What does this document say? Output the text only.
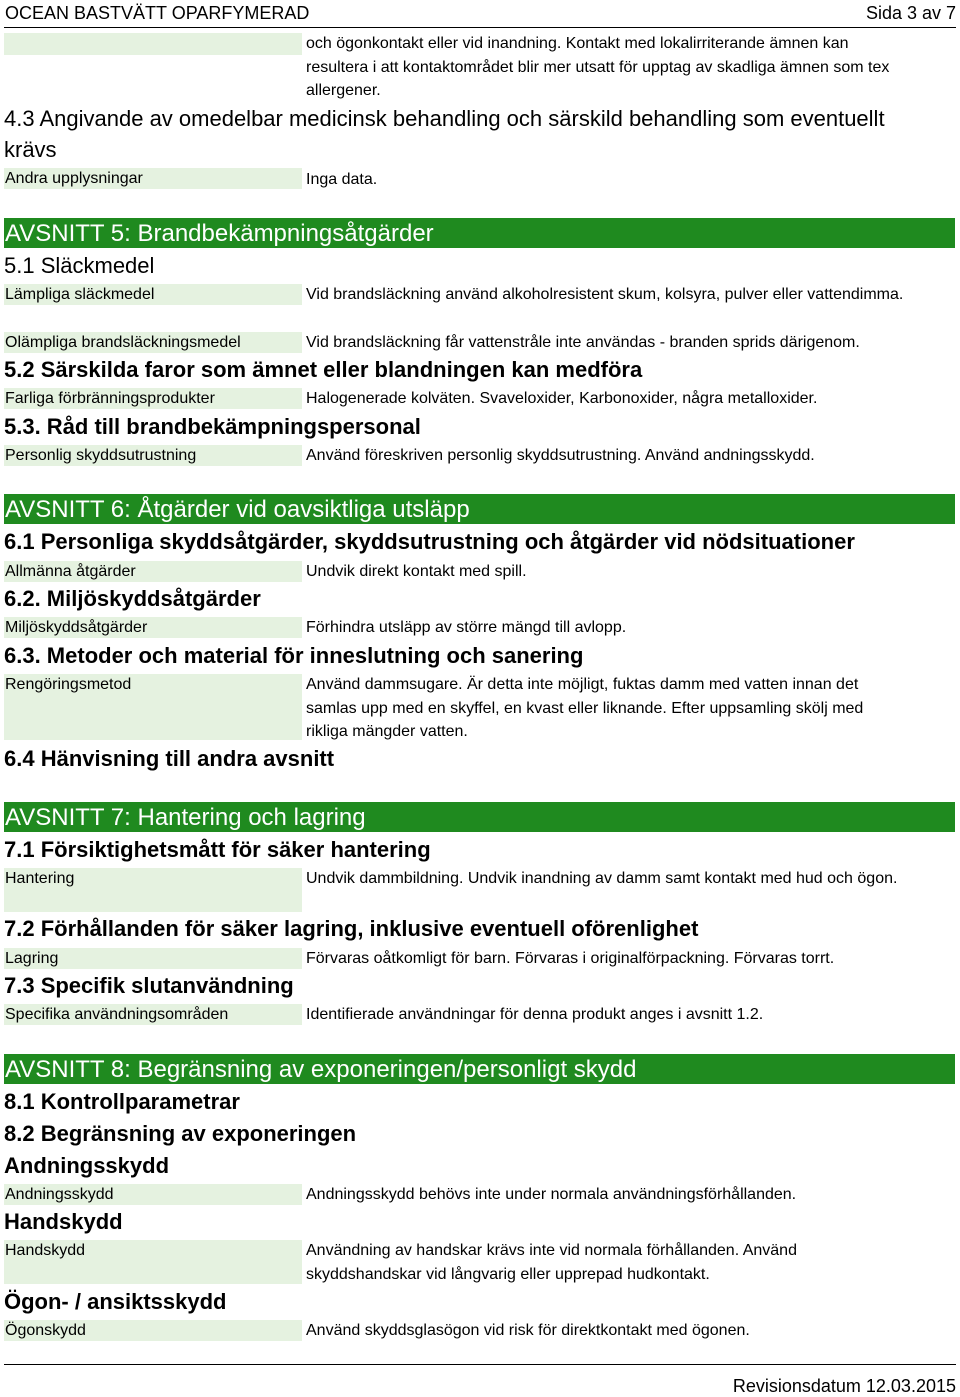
OCEAN BASTVÄTT OPARFYMERAD	Sida 3 av 7
och ögonkontakt eller vid inandning. Kontakt med lokalirriterande ämnen kan resultera i att kontaktområdet blir mer utsatt för upptag av skadliga ämnen som tex allergener.
4.3 Angivande av omedelbar medicinsk behandling och särskild behandling som eventuellt krävs
Andra upplysningar	Inga data.
AVSNITT 5: Brandbekämpningsåtgärder
5.1 Släckmedel
Lämpliga släckmedel	Vid brandsläckning använd alkoholresistent skum, kolsyra, pulver eller vattendimma.
Olämpliga brandsläckningsmedel	Vid brandsläckning får vattenstråle inte användas - branden sprids därigenom.
5.2 Särskilda faror som ämnet eller blandningen kan medföra
Farliga förbränningsprodukter	Halogenerade kolväten. Svaveloxider, Karbonoxider, några metalloxider.
5.3. Råd till brandbekämpningspersonal
Personlig skyddsutrustning	Använd föreskriven personlig skyddsutrustning. Använd andningsskydd.
AVSNITT 6: Åtgärder vid oavsiktliga utsläpp
6.1 Personliga skyddsåtgärder, skyddsutrustning och åtgärder vid nödsituationer
Allmänna åtgärder	Undvik direkt kontakt med spill.
6.2. Miljöskyddsåtgärder
Miljöskyddsåtgärder	Förhindra utsläpp av större mängd till avlopp.
6.3. Metoder och material för inneslutning och sanering
Rengöringsmetod	Använd dammsugare. Är detta inte möjligt, fuktas damm med vatten innan det samlas upp med en skyffel, en kvast eller liknande. Efter uppsamling skölj med rikliga mängder vatten.
6.4 Hänvisning till andra avsnitt
AVSNITT 7: Hantering och lagring
7.1 Försiktighetsmått för säker hantering
Hantering	Undvik dammbildning. Undvik inandning av damm samt kontakt med hud och ögon.
7.2 Förhållanden för säker lagring, inklusive eventuell oförenlighet
Lagring	Förvaras oåtkomligt för barn. Förvaras i originalförpackning. Förvaras torrt.
7.3 Specifik slutanvändning
Specifika användningsområden	Identifierade användningar för denna produkt anges i avsnitt 1.2.
AVSNITT 8: Begränsning av exponeringen/personligt skydd
8.1 Kontrollparametrar
8.2 Begränsning av exponeringen
Andningsskydd
Andningsskydd	Andningsskydd behövs inte under normala användningsförhållanden.
Handskydd
Handskydd	Användning av handskar krävs inte vid normala förhållanden. Använd skyddshandskar vid långvarig eller upprepad hudkontakt.
Ögon- / ansiktsskydd
Ögonskydd	Använd skyddsglasögon vid risk för direktkontakt med ögonen.
Revisionsdatum 12.03.2015
